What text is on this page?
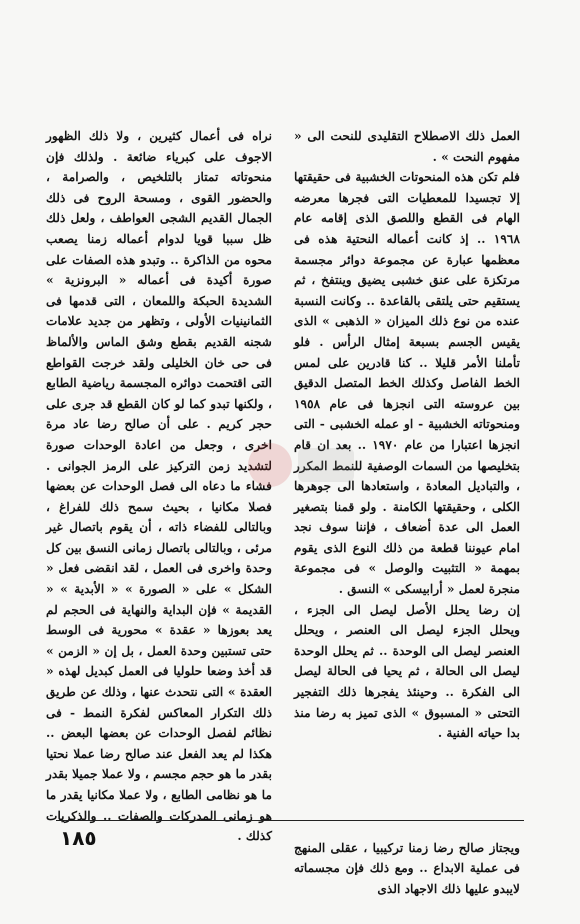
العمل ذلك الاصطلاح التقليدى للنحت الى « مفهوم النحت » .

فلم تكن هذه المنحوتات الخشبية فى حقيقتها إلا تجسيدا للمعطيات التى فجرها معرضه الهام فى القطع واللصق الذى إقامه عام ١٩٦٨ .. إذ كانت أعماله النحتية هذه فى معظمها عبارة عن مجموعة دوائر مجسمة مرتكزة على عنق خشبى يضيق وينتفخ ، ثم يستقيم حتى يلتقى بالقاعدة .. وكانت النسبة عنده من نوع ذلك الميزان « الذهبى » الذى يقيس الجسم بسبعة إمثال الرأس . فلو تأملنا الأمر قليلا .. كنا قادرين على لمس الخط الفاصل وكذلك الخط المتصل الدقيق بين عروسته التى انجزها فى عام ١٩٥٨ ومنحوتاته الخشبية - او عمله الخشبى - التى انجزها اعتبارا من عام ١٩٧٠ .. بعد ان قام بتخليصها من السمات الوصفية للنمط المكرر ، والتباديل المعادة ، واستعادها الى جوهرها الكلى ، وحقيقتها الكامنة . ولو قمنا بتصغير العمل الى عدة أضعاف ، فإننا سوف نجد امام عيوننا قطعة من ذلك النوع الذى يقوم بمهمة « التثبيت والوصل » فى مجموعة منجرة لعمل « أرابيسكى » النسق .

إن رضا يحلل الأصل ليصل الى الجزء ، ويحلل الجزء ليصل الى العنصر ، ويحلل العنصر ليصل الى الوحدة .. ثم يحلل الوحدة ليصل الى الحالة ، ثم يحيا فى الحالة ليصل الى الفكرة .. وحينئذ يفجرها ذلك التفجير التحتى « المسبوق » الذى تميز به رضا منذ بدا حياته الفنية .

ويجتاز صالح رضا زمنا تركيبيا ، عقلى المنهج فى عملية الابداع .. ومع ذلك فإن مجسماته لايبدو عليها ذلك الاجهاد الذى

نراه فى أعمال كثيرين ، ولا ذلك الظهور الاجوف على كبرياء ضائعة . ولذلك فإن منحوتاته تمتاز بالتلخيص ، والصرامة ، والحضور القوى ، ومسحة الروح فى ذلك الجمال القديم الشجى العواطف ، ولعل ذلك ظل سببا قويا لدوام أعماله زمنا يصعب محوه من الذاكرة .. وتبدو هذه الصفات على صورة أكيدة فى أعماله « البرونزية » الشديدة الحبكة واللمعان ، التى قدمها فى الثمانينيات الأولى ، وتظهر من جديد علامات شجنه القديم بقطع وشق الماس والألماظ فى حى خان الخليلى ولقد خرجت القواطع التى اقتحمت دوائره المجسمة رياضية الطابع ، ولكنها تبدو كما لو كان القطع قد جرى على حجر كريم . على أن صالح رضا عاد مرة اخرى ، وجعل من اعادة الوحدات صورة لتشديد زمن التركيز على الرمز الجوانى . فشاء ما دعاه الى فصل الوحدات عن بعضها فصلا مكانيا ، بحيث سمح ذلك للفراغ ، وبالتالى للفضاء ذاته ، أن يقوم باتصال غير مرئى ، وبالتالى باتصال زمانى النسق بين كل وحدة واخرى فى العمل ، لقد انقضى فعل « الشكل » على « الصورة » « الأبدية » « القديمة » فإن البداية والنهاية فى الحجم لم يعد بعوزها « عقدة » محورية فى الوسط حتى تستبين وحدة العمل ، بل إن « الزمن » قد أخذ وضعا حلوليا فى العمل كبديل لهذه « العقدة » التى نتحدث عنها ، وذلك عن طريق ذلك التكرار المعاكس لفكرة النمط - فى نظائم لفصل الوحدات عن بعضها البعض .. هكذا لم يعد الفعل عند صالح رضا عملا نحتيا بقدر ما هو حجم مجسم ، ولا عملا جميلا بقدر ما هو نظامى الطابع ، ولا عملا مكانيا يقدر ما هو زمانى المدركات والصفات .. والذكريات كذلك .

١٨٥
